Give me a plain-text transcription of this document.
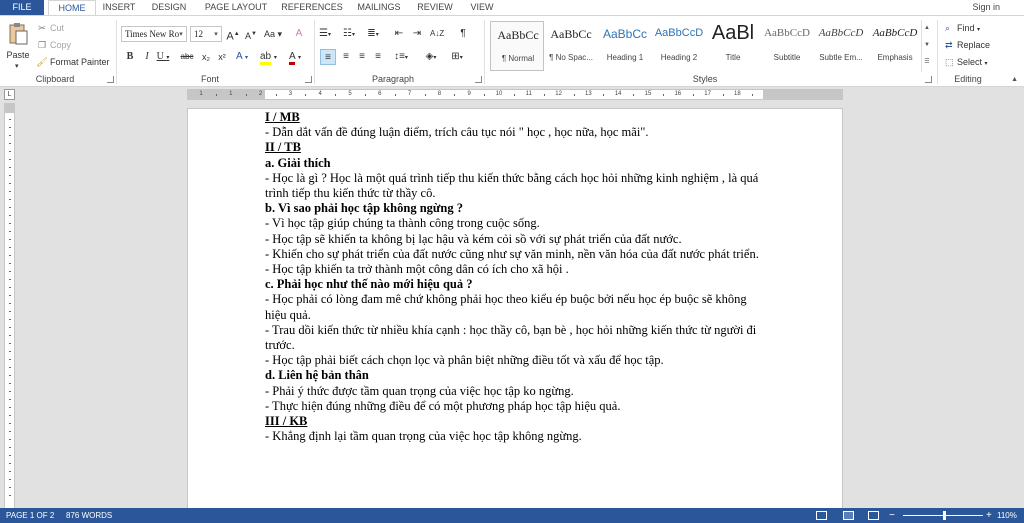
FILE	HOME	INSERT	DESIGN	PAGE LAYOUT	REFERENCES	MAILINGS	REVIEW	VIEW	Sign in
Paste
▾
✂ Cut
❐ Copy
🖌 Format Painter
Clipboard
Times New Ro ▾	12	▾ A▲ A▼ Aa ▾	A
B	I U ▾ abc x₂ x²	A ▾ ab ▾ A ▾
Font
☰▾ ☷▾ ≣▾ ⇤ ⇥	A↓Z	¶
≡	≡	≡	≡	↕≡▾ ◈▾ ⊞▾
Paragraph
AaBbCc
¶ Normal
AaBbCc
¶ No Spac...
AaBbCc
Heading 1
AaBbCcD
Heading 2
AaBl
Title
AaBbCcD
Subtitle
AaBbCcD
Subtle Em...
AaBbCcD
Emphasis
▲
▼
☰
Styles
⌕ Find ▾
⇄ Replace
⬚ Select ▾
Editing	▲
L	1	1	2	3	4	5	6	7	8	9	10	11	12	13	14	15	16	17	18

I / MB

- Dẫn dắt vấn đề đúng luận điểm, trích câu tục nói " học , học nữa, học mãi".

II / TB

a. Giải thích

- Học là gì ? Học là một quá trình tiếp thu kiến thức bằng cách học hỏi những kinh nghiệm , là quá trình tiếp thu kiến thức từ thầy cô.

b. Vì sao phải học tập không ngừng ?

- Vì học tập giúp chúng ta thành công trong cuộc sống.

- Học tập sẽ khiến ta không bị lạc hậu và kém cỏi sồ với sự phát triển của đất nước.

- Khiến cho sự phát triển của đất nước cũng như sự văn minh, nền văn hóa của đất nước phát triển.

- Học tập khiến ta trở thành một công dân có ích cho xã hội .

c. Phải học như thế nào mới hiệu quả ?

- Học phải có lòng đam mê chứ không phải học theo kiểu ép buộc bởi nếu học ép buộc sẽ không hiệu quả.

- Trau dồi kiến thức từ nhiều khía cạnh : học thầy cô, bạn bè , học hỏi những kiến thức từ người đi trước.

- Học tập phải biết cách chọn lọc và phân biệt những điều tốt và xấu để học tập.

d. Liên hệ bản thân

- Phải ý thức được tầm quan trọng của việc học tập ko ngừng.

- Thực hiện đúng những điều để có một phương pháp học tập hiệu quả.

III / KB

- Khẳng định lại tầm quan trọng của việc học tập không ngừng.

PAGE 1 OF 2 876 WORDS	−	+ 110%
